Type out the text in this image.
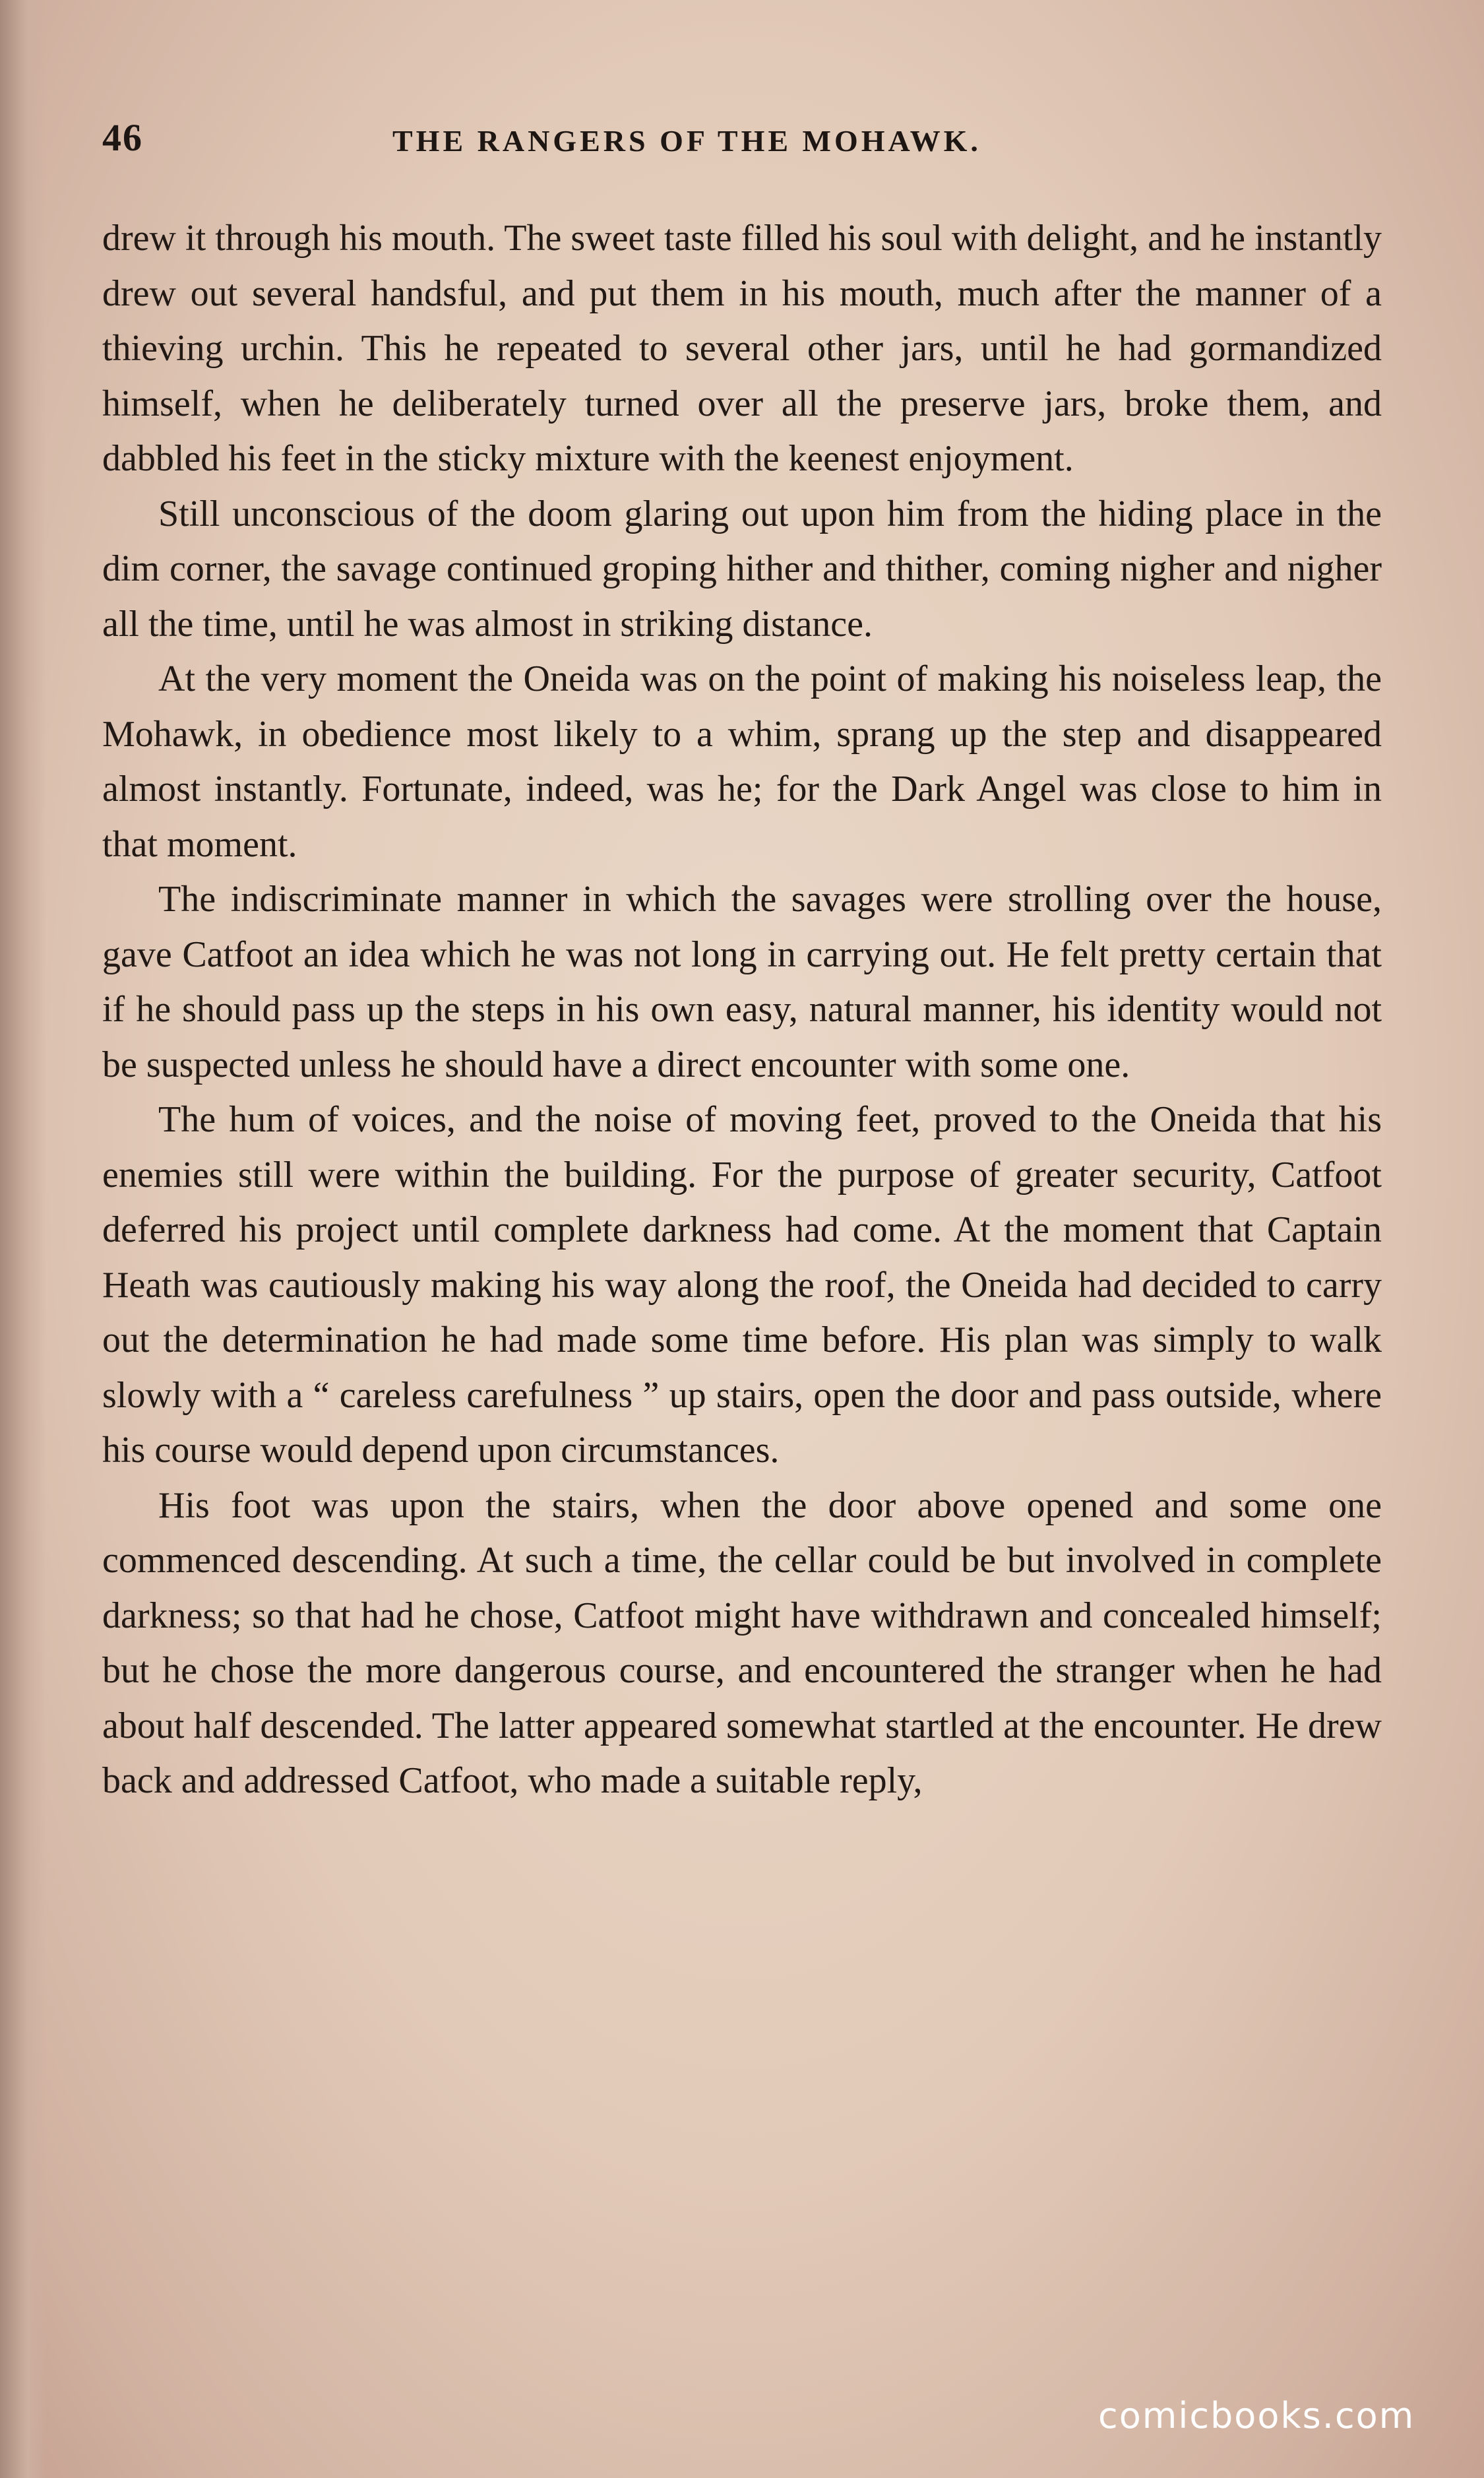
46	THE RANGERS OF THE MOHAWK.

drew it through his mouth. The sweet taste filled his soul with delight, and he instantly drew out several handsful, and put them in his mouth, much after the manner of a thieving urchin. This he repeated to several other jars, until he had gormandized himself, when he deliberately turned over all the preserve jars, broke them, and dabbled his feet in the sticky mixture with the keenest enjoyment.

Still unconscious of the doom glaring out upon him from the hiding place in the dim corner, the savage continued groping hither and thither, coming nigher and nigher all the time, until he was almost in striking distance.

At the very moment the Oneida was on the point of making his noiseless leap, the Mohawk, in obedience most likely to a whim, sprang up the step and disappeared almost instantly. Fortunate, indeed, was he; for the Dark Angel was close to him in that moment.

The indiscriminate manner in which the savages were strolling over the house, gave Catfoot an idea which he was not long in carrying out. He felt pretty certain that if he should pass up the steps in his own easy, natural manner, his identity would not be suspected unless he should have a direct encounter with some one.

The hum of voices, and the noise of moving feet, proved to the Oneida that his enemies still were within the building. For the purpose of greater security, Catfoot deferred his project until complete darkness had come. At the moment that Captain Heath was cautiously making his way along the roof, the Oneida had decided to carry out the determination he had made some time before. His plan was simply to walk slowly with a “ careless carefulness ” up stairs, open the door and pass outside, where his course would depend upon circumstances.

His foot was upon the stairs, when the door above opened and some one commenced descending. At such a time, the cellar could be but involved in complete darkness; so that had he chose, Catfoot might have withdrawn and concealed himself; but he chose the more dangerous course, and encountered the stranger when he had about half descended. The latter appeared somewhat startled at the encounter. He drew back and addressed Catfoot, who made a suitable reply,

comicbooks.com
